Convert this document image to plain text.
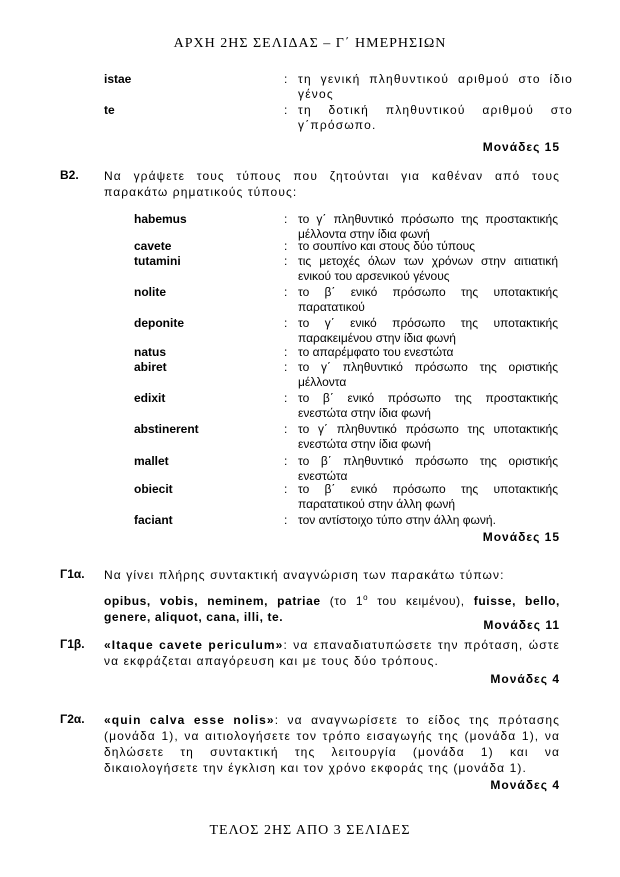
ΑΡΧΗ 2ΗΣ ΣΕΛΙΔΑΣ – Γ΄ ΗΜΕΡΗΣΙΩΝ
istae	: τη γενική πληθυντικού αριθμού στο ίδιο γένος
te	: τη δοτική πληθυντικού αριθμού στο γ΄πρόσωπο.
Μονάδες 15
Β2. Να γράψετε τους τύπους που ζητούνται για καθέναν από τους παρακάτω ρηματικούς τύπους:
habemus	: το γ΄ πληθυντικό πρόσωπο της προστακτικής μέλλοντα στην ίδια φωνή
cavete	: το σουπίνο και στους δύο τύπους
tutamini	: τις μετοχές όλων των χρόνων στην αιτιατική ενικού του αρσενικού γένους
nolite	: το β΄ ενικό πρόσωπο της υποτακτικής παρατατικού
deponite	: το γ΄ ενικό πρόσωπο της υποτακτικής παρακειμένου στην ίδια φωνή
natus	: το απαρέμφατο του ενεστώτα
abiret	: το γ΄ πληθυντικό πρόσωπο της οριστικής μέλλοντα
edixit	: το β΄ ενικό πρόσωπο της προστακτικής ενεστώτα στην ίδια φωνή
abstinerent	: το γ΄ πληθυντικό πρόσωπο της υποτακτικής ενεστώτα στην ίδια φωνή
mallet	: το β΄ πληθυντικό πρόσωπο της οριστικής ενεστώτα
obiecit	: το β΄ ενικό πρόσωπο της υποτακτικής παρατατικού στην άλλη φωνή
faciant	: τον αντίστοιχο τύπο στην άλλη φωνή.
Μονάδες 15
Γ1α. Να γίνει πλήρης συντακτική αναγνώριση των παρακάτω τύπων:
opibus, vobis, neminem, patriae (το $1^o$ του κειμένου), fuisse, bello, genere, aliquot, cana, illi, te.
Μονάδες 11
Γ1β. «Itaque cavete periculum»: να επαναδιατυπώσετε την πρόταση, ώστε να εκφράζεται απαγόρευση και με τους δύο τρόπους.
Μονάδες 4
Γ2α. «quin calva esse nolis»: να αναγνωρίσετε το είδος της πρότασης (μονάδα 1), να αιτιολογήσετε τον τρόπο εισαγωγής της (μονάδα 1), να δηλώσετε τη συντακτική της λειτουργία (μονάδα 1) και να δικαιολογήσετε την έγκλιση και τον χρόνο εκφοράς της (μονάδα 1).
Μονάδες 4
ΤΕΛΟΣ 2ΗΣ ΑΠΟ 3 ΣΕΛΙΔΕΣ
